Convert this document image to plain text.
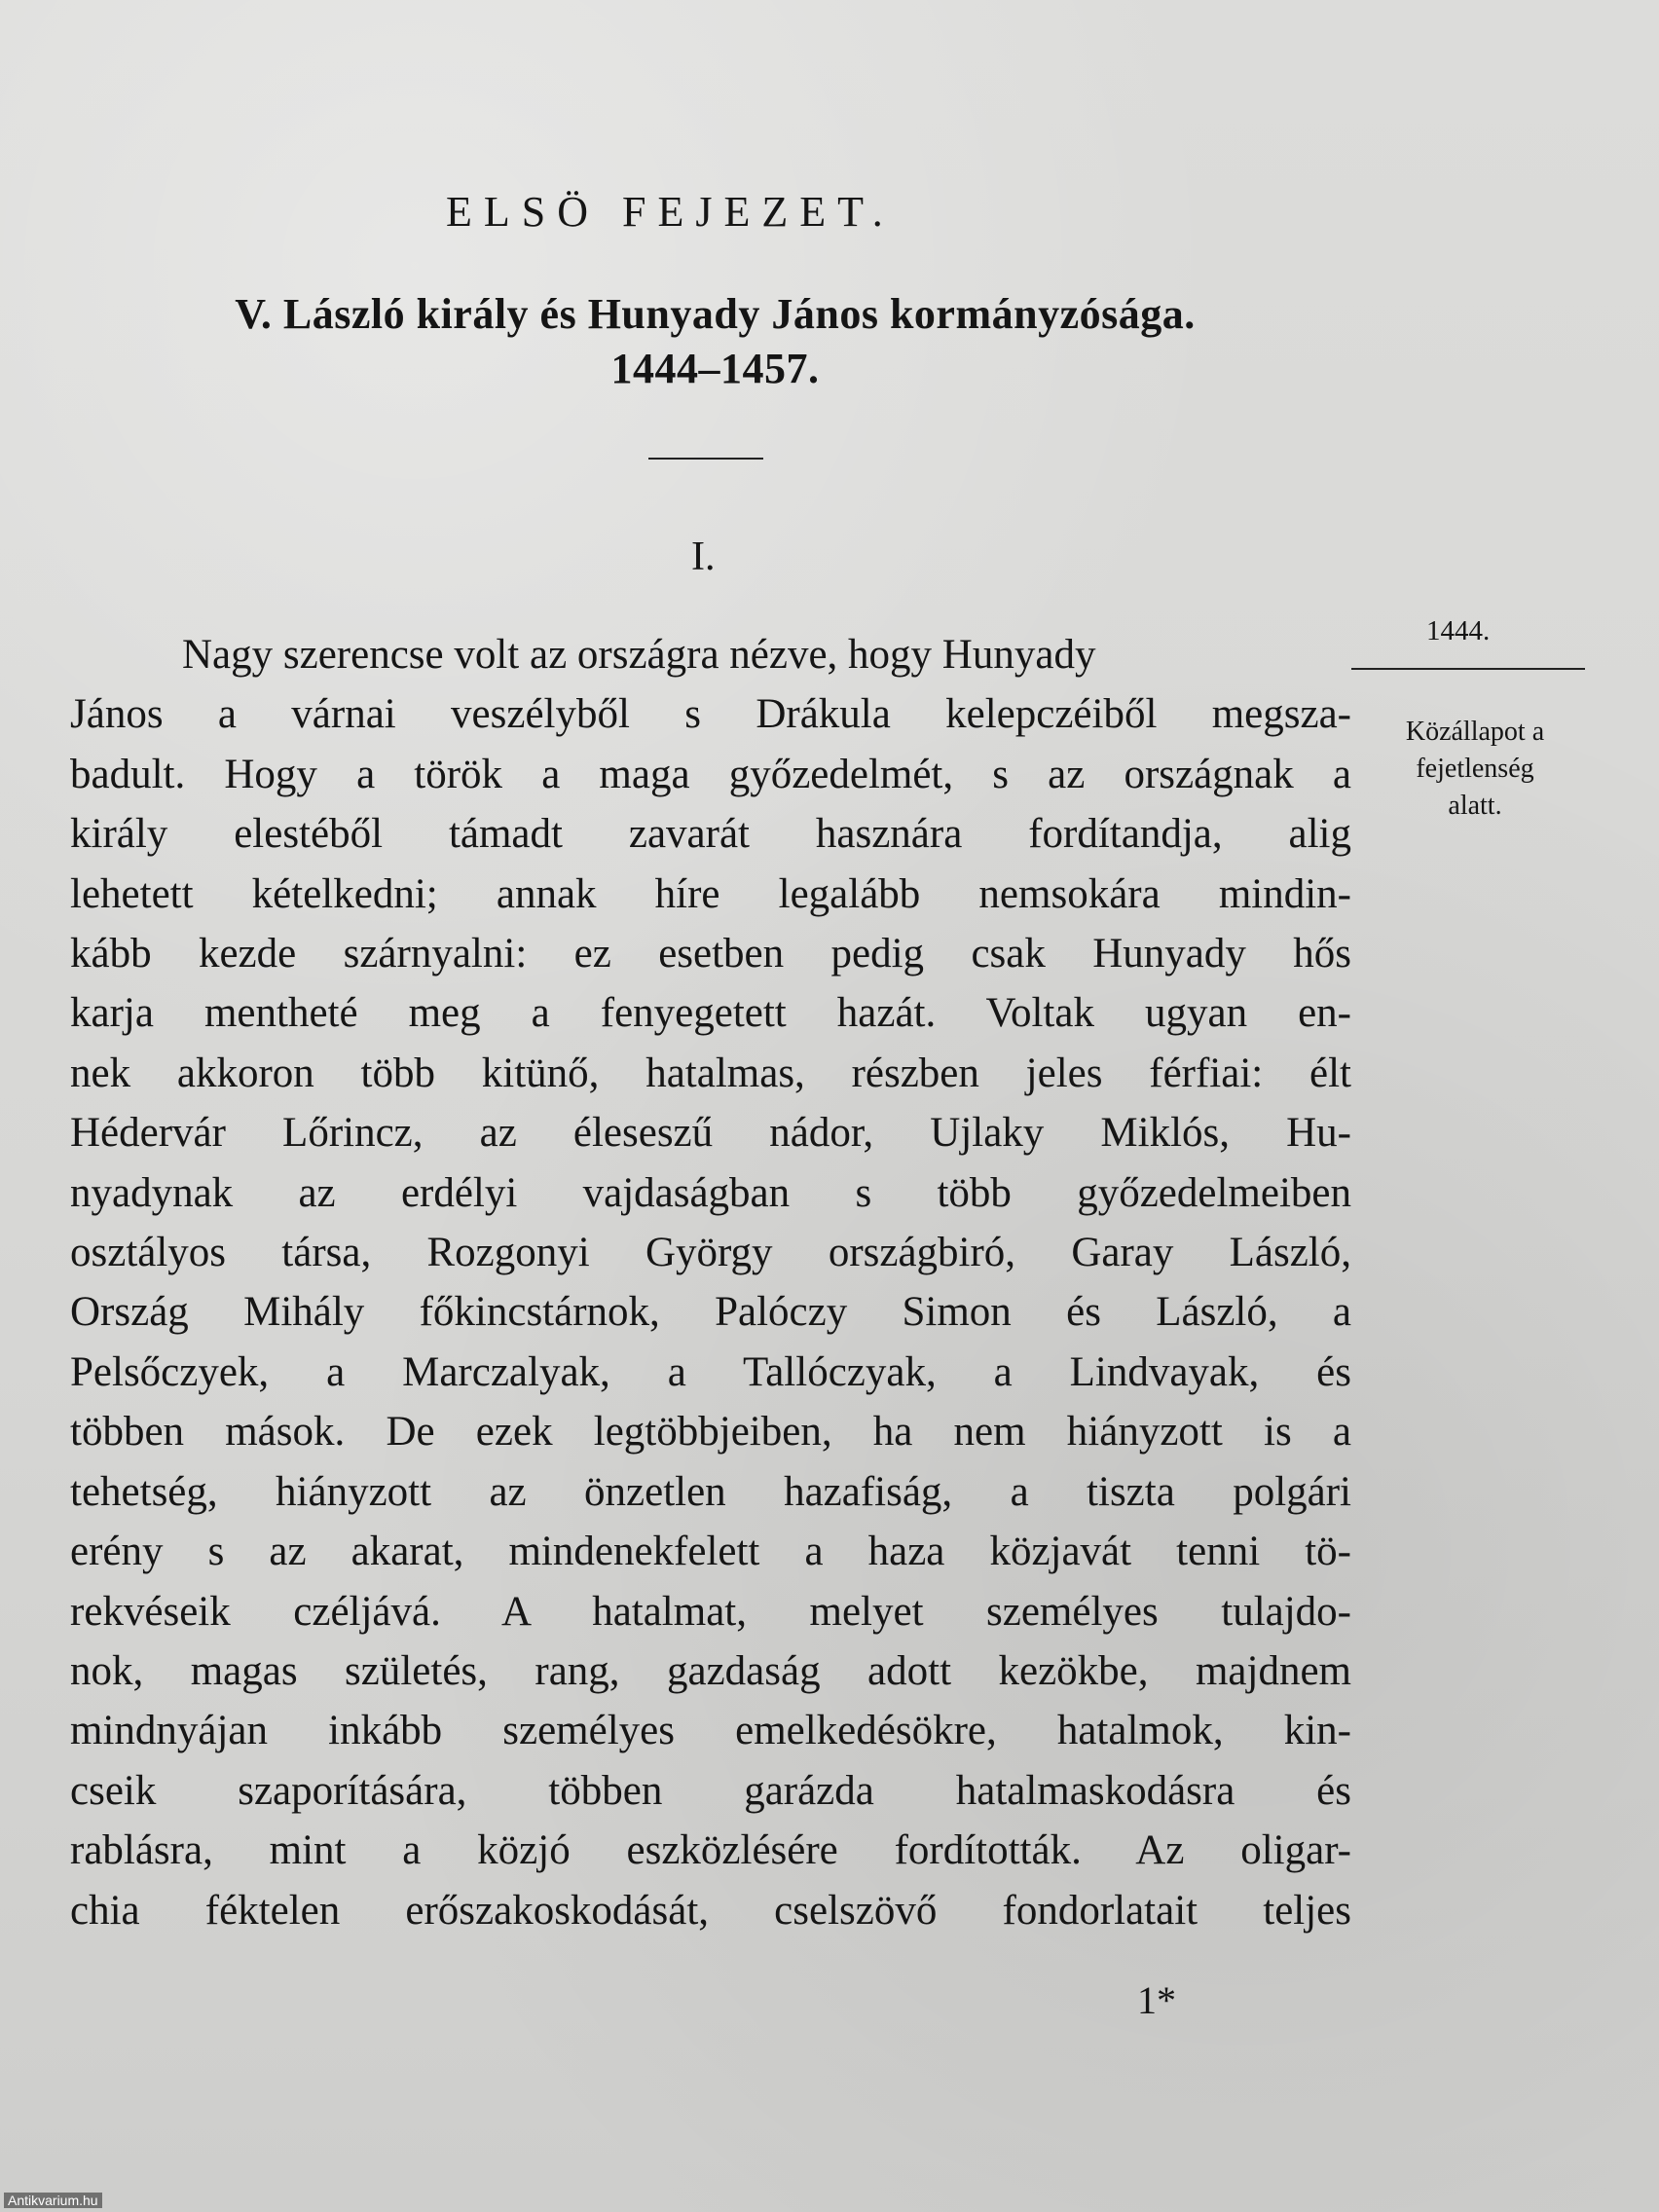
ELSÖ FEJEZET.
V. László király és Hunyady János kormányzósága.
1444–1457.
I.
Nagy szerencse volt az országra nézve, hogy Hunyady
János a várnai veszélyből s Drákula kelepczéiből megsza-
badult. Hogy a török a maga győzedelmét, s az országnak a
király elestéből támadt zavarát hasznára fordítandja, alig
lehetett kételkedni; annak híre legalább nemsokára mindin-
kább kezde szárnyalni: ez esetben pedig csak Hunyady hős
karja mentheté meg a fenyegetett hazát. Voltak ugyan en-
nek akkoron több kitünő, hatalmas, részben jeles férfiai: élt
Hédervár Lőrincz, az éleseszű nádor, Ujlaky Miklós, Hu-
nyadynak az erdélyi vajdaságban s több győzedelmeiben
osztályos társa, Rozgonyi György országbiró, Garay László,
Ország Mihály főkincstárnok, Palóczy Simon és László, a
Pelsőczyek, a Marczalyak, a Tallóczyak, a Lindvayak, és
többen mások. De ezek legtöbbjeiben, ha nem hiányzott is a
tehetség, hiányzott az önzetlen hazafiság, a tiszta polgári
erény s az akarat, mindenekfelett a haza közjavát tenni tö-
rekvéseik czéljává. A hatalmat, melyet személyes tulajdo-
nok, magas születés, rang, gazdaság adott kezökbe, majdnem
mindnyájan inkább személyes emelkedésökre, hatalmok, kin-
cseik szaporítására, többen garázda hatalmaskodásra és
rablásra, mint a közjó eszközlésére fordították. Az oligar-
chia féktelen erőszakoskodását, cselszövő fondorlatait teljes
1444.
Közállapot a
fejetlenség
alatt.
1*
Antikvarium.hu
